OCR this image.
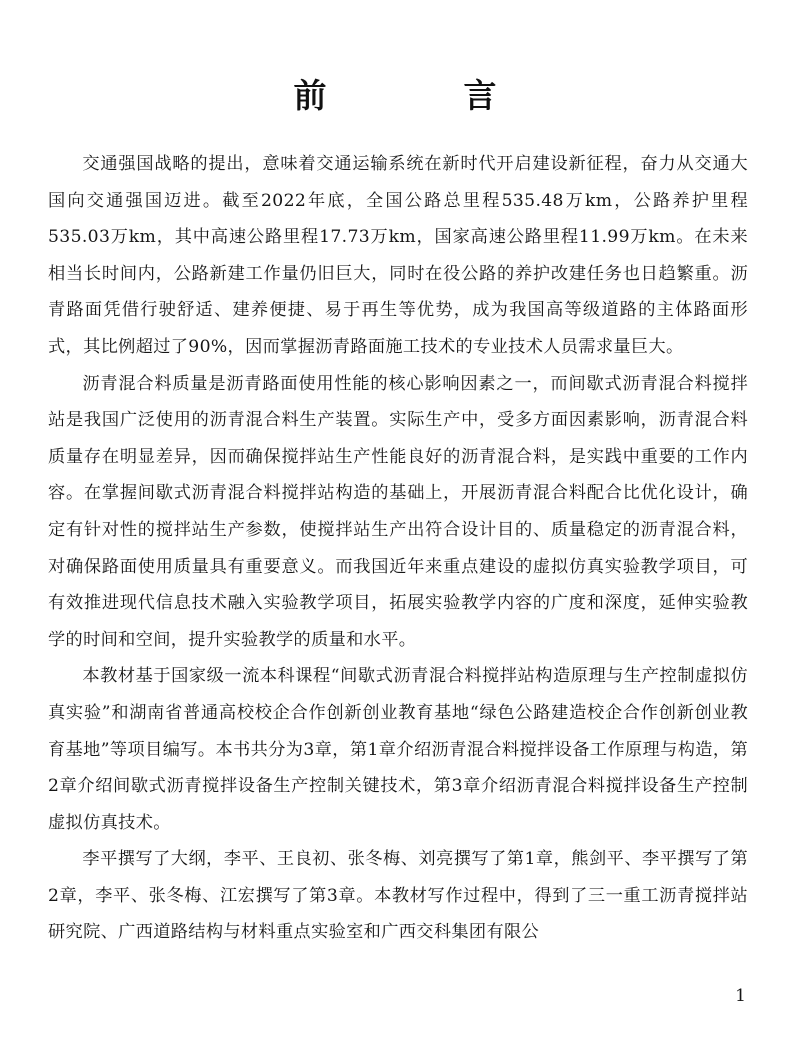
前　言

交通强国战略的提出，意味着交通运输系统在新时代开启建设新征程，奋力从交通大国向交通强国迈进。截至2022年底，全国公路总里程535.48万km，公路养护里程535.03万km，其中高速公路里程17.73万km，国家高速公路里程11.99万km。在未来相当长时间内，公路新建工作量仍旧巨大，同时在役公路的养护改建任务也日趋繁重。沥青路面凭借行驶舒适、建养便捷、易于再生等优势，成为我国高等级道路的主体路面形式，其比例超过了90%，因而掌握沥青路面施工技术的专业技术人员需求量巨大。

沥青混合料质量是沥青路面使用性能的核心影响因素之一，而间歇式沥青混合料搅拌站是我国广泛使用的沥青混合料生产装置。实际生产中，受多方面因素影响，沥青混合料质量存在明显差异，因而确保搅拌站生产性能良好的沥青混合料，是实践中重要的工作内容。在掌握间歇式沥青混合料搅拌站构造的基础上，开展沥青混合料配合比优化设计，确定有针对性的搅拌站生产参数，使搅拌站生产出符合设计目的、质量稳定的沥青混合料，对确保路面使用质量具有重要意义。而我国近年来重点建设的虚拟仿真实验教学项目，可有效推进现代信息技术融入实验教学项目，拓展实验教学内容的广度和深度，延伸实验教学的时间和空间，提升实验教学的质量和水平。

本教材基于国家级一流本科课程“间歇式沥青混合料搅拌站构造原理与生产控制虚拟仿真实验”和湖南省普通高校校企合作创新创业教育基地“绿色公路建造校企合作创新创业教育基地”等项目编写。本书共分为3章，第1章介绍沥青混合料搅拌设备工作原理与构造，第2章介绍间歇式沥青搅拌设备生产控制关键技术，第3章介绍沥青混合料搅拌设备生产控制虚拟仿真技术。

李平撰写了大纲，李平、王良初、张冬梅、刘亮撰写了第1章，熊剑平、李平撰写了第2章，李平、张冬梅、江宏撰写了第3章。本教材写作过程中，得到了三一重工沥青搅拌站研究院、广西道路结构与材料重点实验室和广西交科集团有限公

1
